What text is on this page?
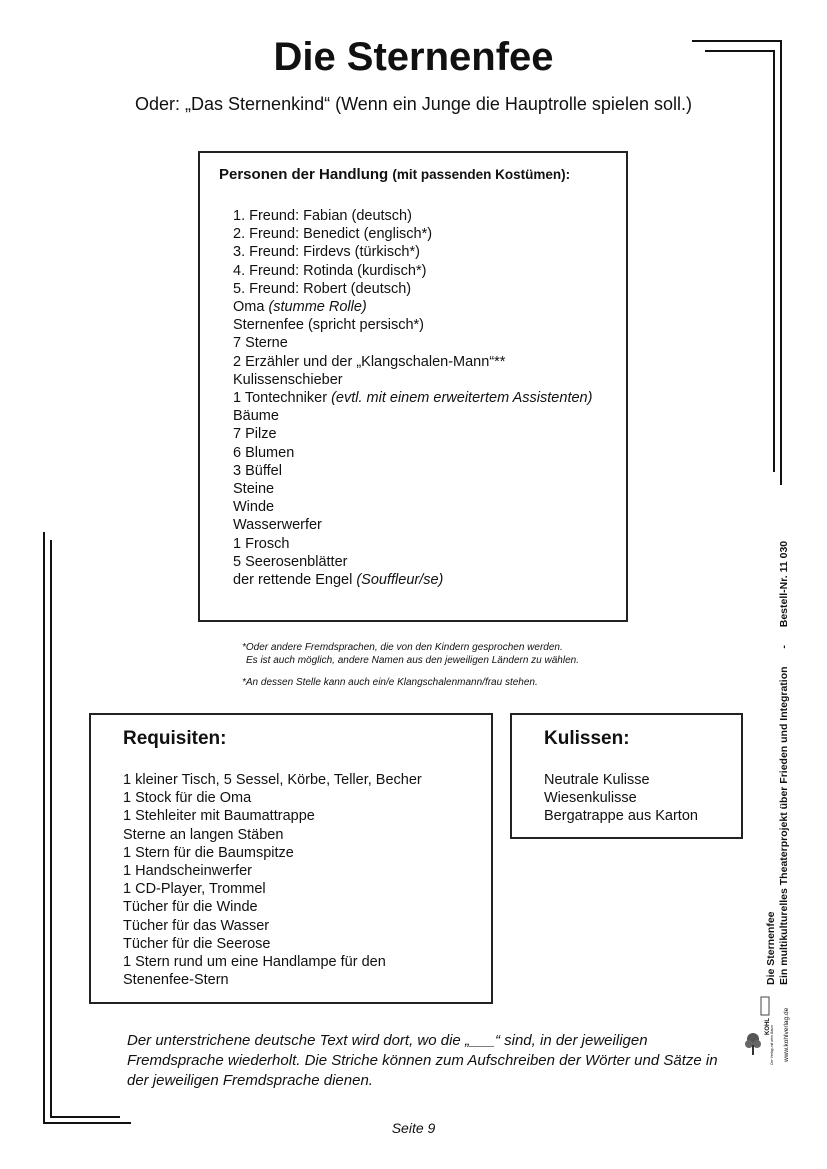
Die Sternenfee
Oder: „Das Sternenkind“ (Wenn ein Junge die Hauptrolle spielen soll.)
Personen der Handlung (mit passenden Kostümen):
1. Freund: Fabian (deutsch)
2. Freund: Benedict (englisch*)
3. Freund: Firdevs (türkisch*)
4. Freund: Rotinda (kurdisch*)
5. Freund: Robert (deutsch)
Oma (stumme Rolle)
Sternenfee (spricht persisch*)
7 Sterne
2 Erzähler und der „Klangschalen-Mann“**
Kulissenschieber
1 Tontechniker (evtl. mit einem erweitertem Assistenten)
Bäume
7 Pilze
6 Blumen
3 Büffel
Steine
Winde
Wasserwerfer
1 Frosch
5 Seerosenblätter
der rettende Engel (Souffleur/se)
*Oder andere Fremdsprachen, die von den Kindern gesprochen werden.
Es ist auch möglich, andere Namen aus den jeweiligen Ländern zu wählen.
*An dessen Stelle kann auch ein/e Klangschalenmann/frau stehen.
Requisiten:
1 kleiner Tisch, 5 Sessel, Körbe, Teller, Becher
1 Stock für die Oma
1 Stehleiter mit Baumattrappe
Sterne an langen Stäben
1 Stern für die Baumspitze
1 Handscheinwerfer
1 CD-Player, Trommel
Tücher für die Winde
Tücher für das Wasser
Tücher für die Seerose
1 Stern rund um eine Handlampe für den
Stenenfee-Stern
Kulissen:
Neutrale Kulisse
Wiesenkulisse
Bergatrappe aus Karton
Der unterstrichene deutsche Text wird dort, wo die „___“ sind, in der jeweiligen Fremdsprache wiederholt. Die Striche können zum Aufschreiben der Wörter und Sätze in der jeweiligen Fremdsprache dienen.
Seite 9
Ein multikulturelles Theaterprojekt über Frieden und Integration  -  Bestell-Nr. 11 030
Die Sternenfee
www.kohlverlag.de
KOHL Der Verlag mit dem Baum
